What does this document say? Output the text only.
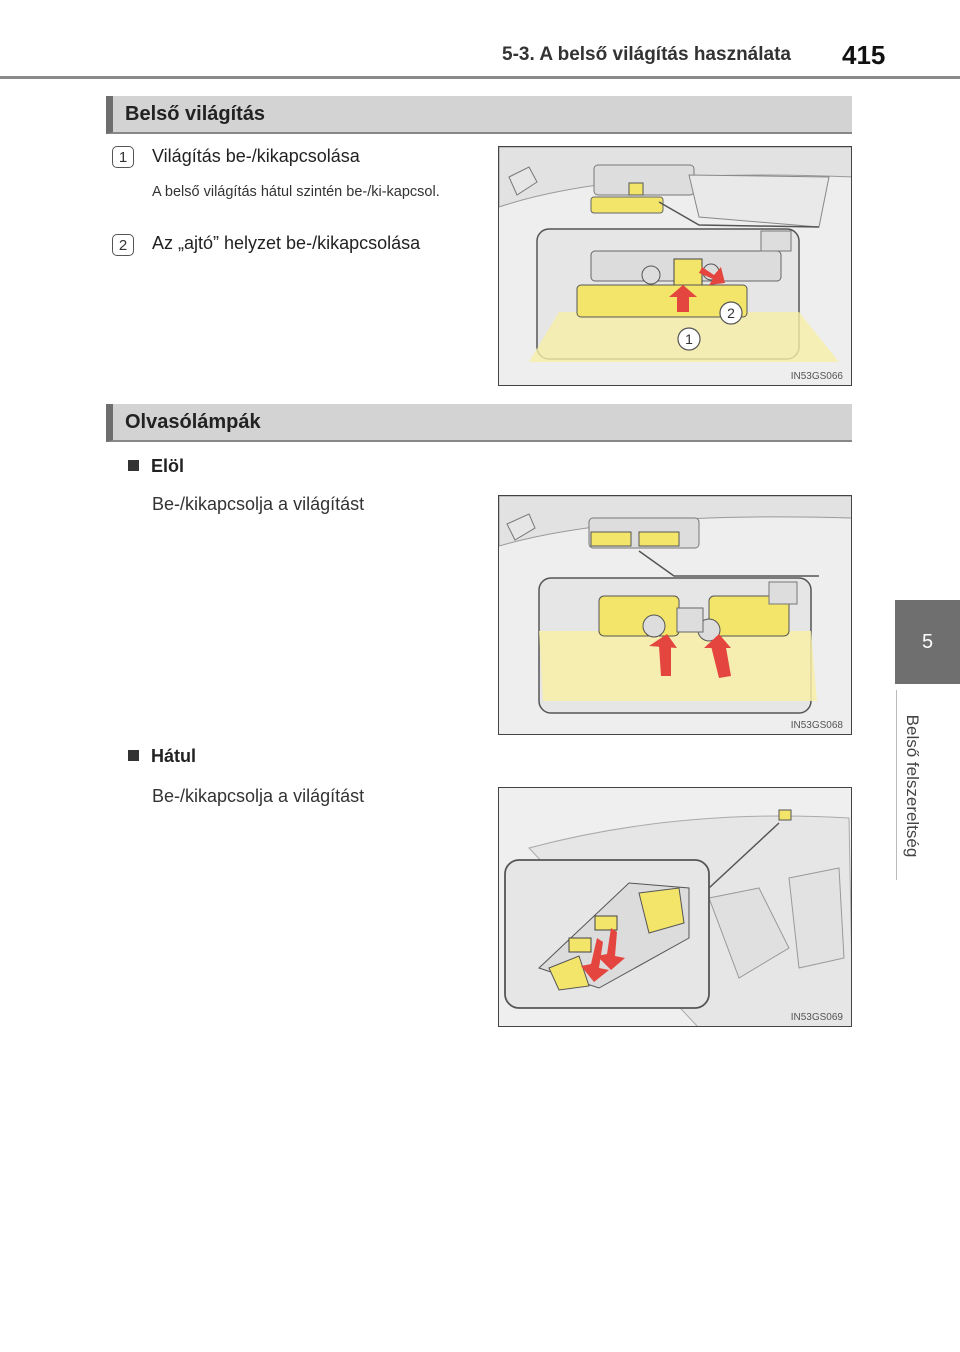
5-3. A belső világítás használata 415
5
Belső felszereltség
Belső világítás
1	Világítás be-/kikapcsolása
A belső világítás hátul szintén be-/ki-kapcsol.
2	Az „ajtó” helyzet be-/kikapcsolása
2
1
IN53GS066
Olvasólámpák
Elöl
Be-/kikapcsolja a világítást
IN53GS068
Hátul
Be-/kikapcsolja a világítást
IN53GS069
